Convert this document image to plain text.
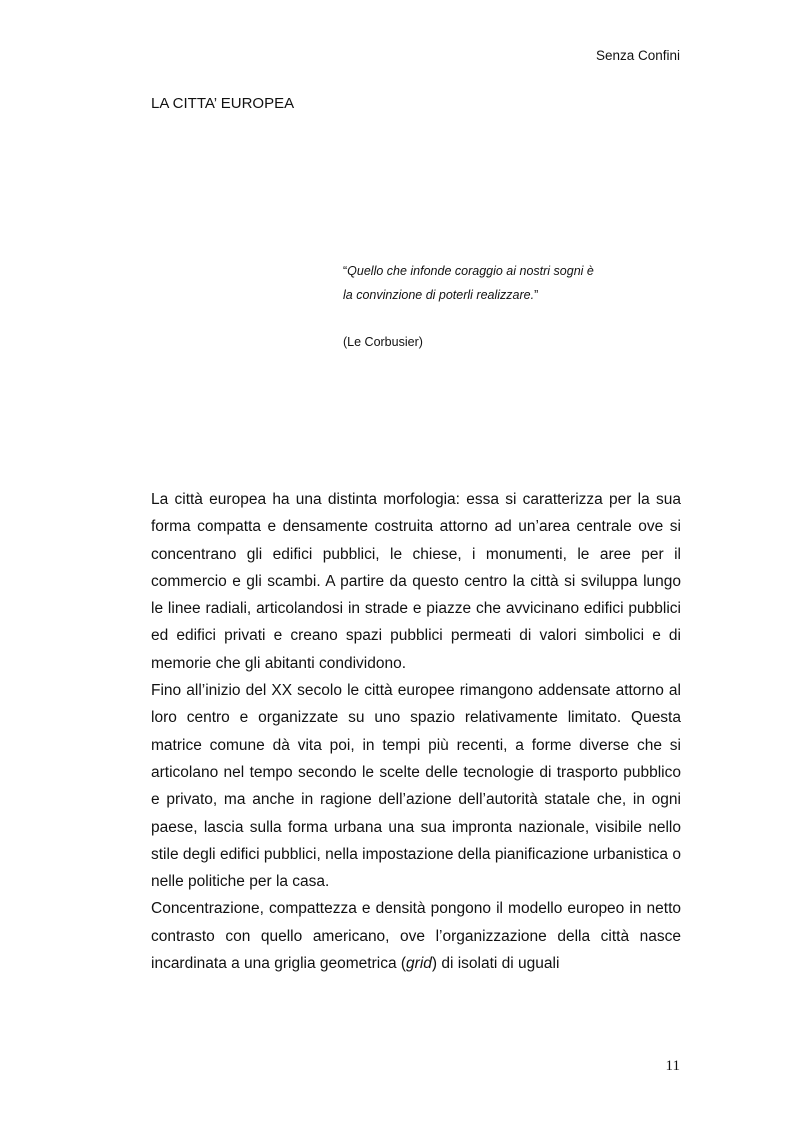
Senza Confini
LA CITTA’ EUROPEA
“Quello che infonde coraggio ai nostri sogni è
la convinzione di poterli realizzare.”
(Le Corbusier)

La città europea ha una distinta morfologia: essa si caratterizza per la sua forma compatta e densamente costruita attorno ad un’area centrale ove si concentrano gli edifici pubblici, le chiese, i monumenti, le aree per il commercio e gli scambi. A partire da questo centro la città si sviluppa lungo le linee radiali, articolandosi in strade e piazze che avvicinano edifici pubblici ed edifici privati e creano spazi pubblici permeati di valori simbolici e di memorie che gli abitanti condividono.

Fino all’inizio del XX secolo le città europee rimangono addensate attorno al loro centro e organizzate su uno spazio relativamente limitato. Questa matrice comune dà vita poi, in tempi più recenti, a forme diverse che si articolano nel tempo secondo le scelte delle tecnologie di trasporto pubblico e privato, ma anche in ragione dell’azione dell’autorità statale che, in ogni paese, lascia sulla forma urbana una sua impronta nazionale, visibile nello stile degli edifici pubblici, nella impostazione della pianificazione urbanistica o nelle politiche per la casa.

Concentrazione, compattezza e densità pongono il modello europeo in netto contrasto con quello americano, ove l’organizzazione della città nasce incardinata a una griglia geometrica (grid) di isolati di uguali

11
